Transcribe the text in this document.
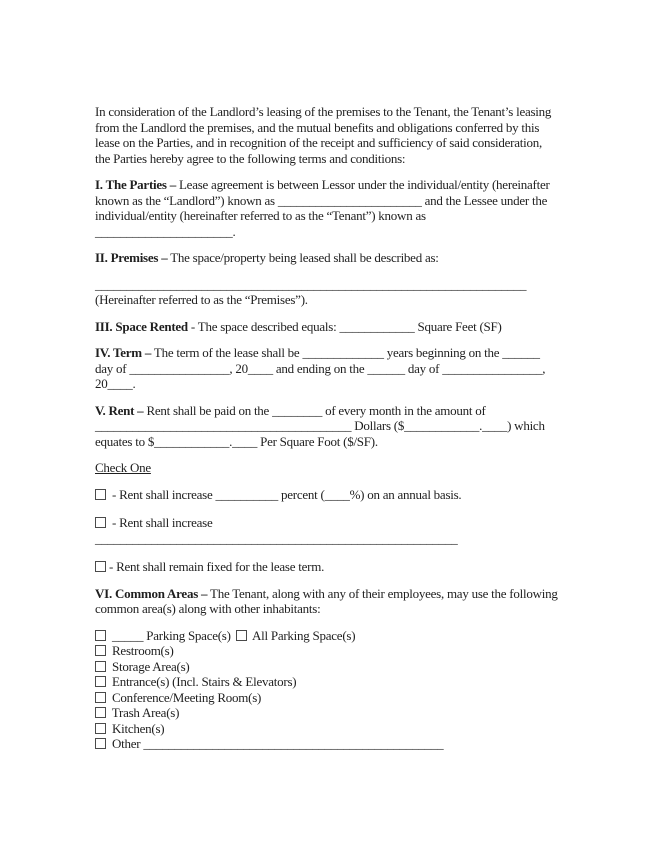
In consideration of the Landlord’s leasing of the premises to the Tenant, the Tenant’s leasing from the Landlord the premises, and the mutual benefits and obligations conferred by this lease on the Parties, and in recognition of the receipt and sufficiency of said consideration, the Parties hereby agree to the following terms and conditions:

I. The Parties – Lease agreement is between Lessor under the individual/entity (hereinafter known as the “Landlord”) known as _______________________ and the Lessee under the individual/entity (hereinafter referred to as the “Tenant”) known as ______________________.

II. Premises – The space/property being leased shall be described as:

_____________________________________________________________________
(Hereinafter referred to as the “Premises”).

III. Space Rented - The space described equals: ____________ Square Feet (SF)

IV. Term – The term of the lease shall be _____________ years beginning on the ______ day of ________________, 20____ and ending on the ______ day of ________________, 20____.

V. Rent – Rent shall be paid on the ________ of every month in the amount of _________________________________________ Dollars ($____________.____) which equates to $____________.____ Per Square Foot ($/SF).

Check One

- Rent shall increase __________ percent (____%) on an annual basis.

- Rent shall increase __________________________________________________________

- Rent shall remain fixed for the lease term.

VI. Common Areas – The Tenant, along with any of their employees, may use the following common area(s) along with other inhabitants:

_____ Parking Space(s) All Parking Space(s)

Restroom(s)

Storage Area(s)

Entrance(s) (Incl. Stairs & Elevators)

Conference/Meeting Room(s)

Trash Area(s)

Kitchen(s)

Other ________________________________________________
